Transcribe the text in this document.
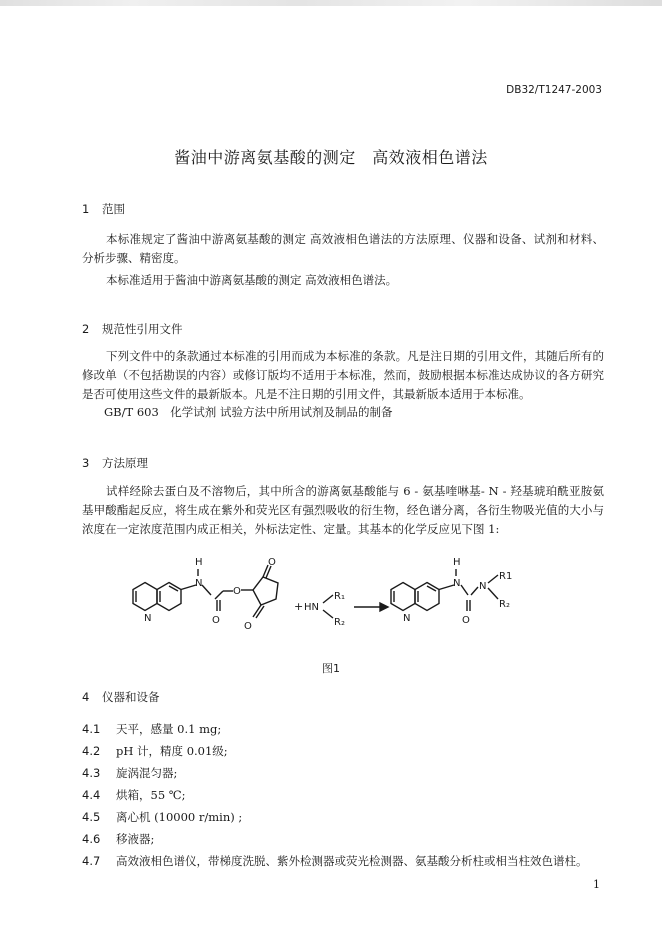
DB32/T1247-2003
酱油中游离氨基酸的测定　高效液相色谱法
1 范围

本标准规定了酱油中游离氨基酸的测定 高效液相色谱法的方法原理、仪器和设备、试剂和材料、分析步骤、精密度。

本标准适用于酱油中游离氨基酸的测定 高效液相色谱法。

2 规范性引用文件

下列文件中的条款通过本标准的引用而成为本标准的条款。凡是注日期的引用文件，其随后所有的修改单（不包括勘误的内容）或修订版均不适用于本标准，然而，鼓励根据本标准达成协议的各方研究是否可使用这些文件的最新版本。凡是不注日期的引用文件，其最新版本适用于本标准。

GB/T 603　化学试剂 试验方法中所用试剂及制品的制备
3 方法原理

试样经除去蛋白及不溶物后，其中所含的游离氨基酸能与 6 - 氨基喹啉基- N - 羟基琥珀酰亚胺氨基甲酸酯起反应，将生成在紫外和荧光区有强烈吸收的衍生物，经色谱分离，各衍生物吸光值的大小与浓度在一定浓度范围内成正相关，外标法定性、定量。其基本的化学反应见下图 1:

N
N
H
O
O
O
O
+ HN
R₁
R₂	N
N
H
O
N
R1
R₂
图1
4 仪器和设备
4.1 天平，感量 0.1 mg;
4.2 pH 计，精度 0.01级;
4.3 旋涡混匀器;
4.4 烘箱，55 ℃;
4.5 离心机 (10000 r/min) ;
4.6 移液器;
4.7 高效液相色谱仪，带梯度洗脱、紫外检测器或荧光检测器、氨基酸分析柱或相当柱效色谱柱。
1
